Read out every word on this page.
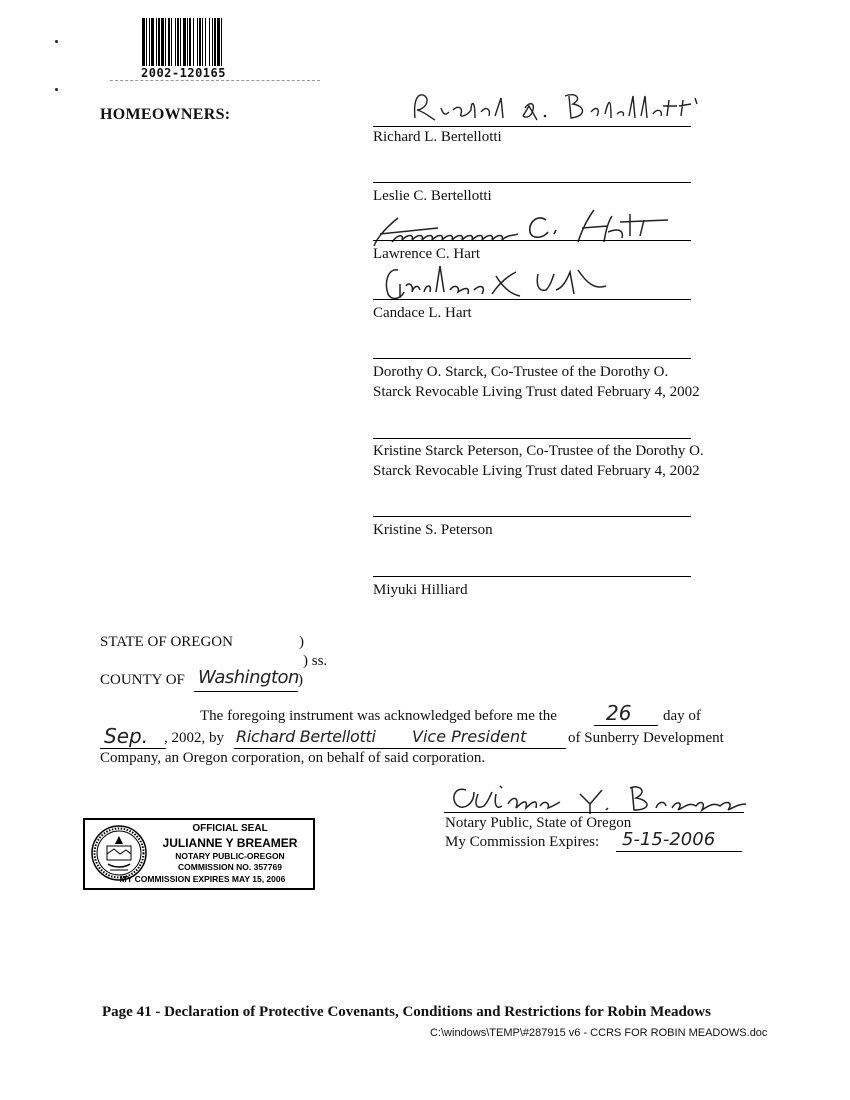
2002-120165
HOMEOWNERS:
Richard L. Bertellotti
Leslie C. Bertellotti
Lawrence C. Hart
Candace L. Hart
Dorothy O. Starck, Co-Trustee of the Dorothy O.
Starck Revocable Living Trust dated February 4, 2002
Kristine Starck Peterson, Co-Trustee of the Dorothy O.
Starck Revocable Living Trust dated February 4, 2002
Kristine S. Peterson
Miyuki Hilliard
STATE OF OREGON	)
) ss.
COUNTY OF Washington )
The foregoing instrument was acknowledged before me the 26 day of
Sep. , 2002, by Richard Bertellotti Vice President	of Sunberry Development
Company, an Oregon corporation, on behalf of said corporation.
Notary Public, State of Oregon
My Commission Expires: 5-15-2006
OFFICIAL SEAL
JULIANNE Y BREAMER
NOTARY PUBLIC-OREGON
COMMISSION NO. 357769
MY COMMISSION EXPIRES MAY 15, 2006
Page 41 - Declaration of Protective Covenants, Conditions and Restrictions for Robin Meadows
C:\windows\TEMP\#287915 v6 - CCRS FOR ROBIN MEADOWS.doc
